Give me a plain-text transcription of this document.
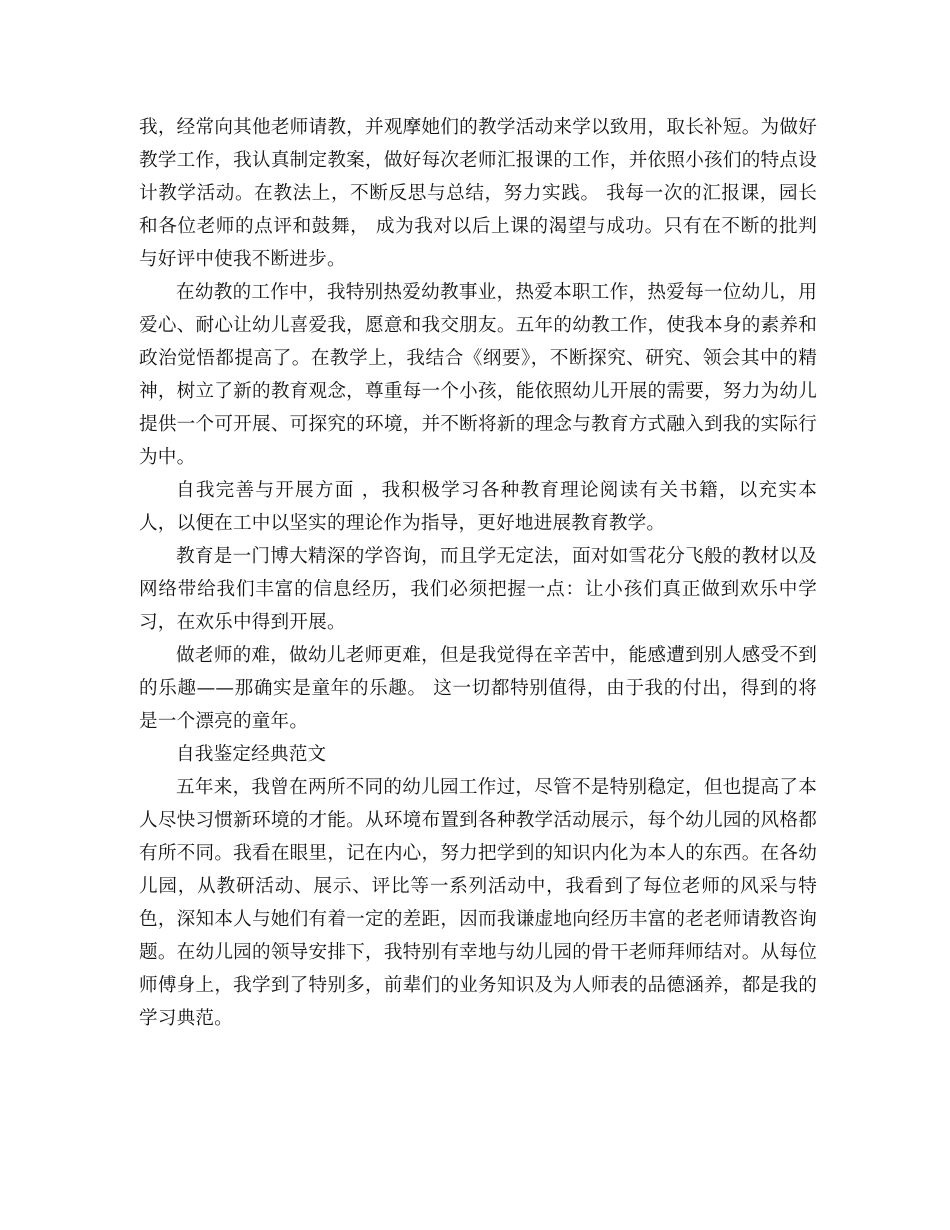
我，经常向其他老师请教，并观摩她们的教学活动来学以致用，取长补短。为做好教学工作，我认真制定教案，做好每次老师汇报课的工作，并依照小孩们的特点设计教学活动。在教法上，不断反思与总结，努力实践。 我每一次的汇报课，园长和各位老师的点评和鼓舞， 成为我对以后上课的渴望与成功。只有在不断的批判与好评中使我不断进步。

在幼教的工作中，我特别热爱幼教事业，热爱本职工作，热爱每一位幼儿，用爱心、耐心让幼儿喜爱我，愿意和我交朋友。五年的幼教工作，使我本身的素养和政治觉悟都提高了。在教学上，我结合《纲要》，不断探究、研究、领会其中的精神，树立了新的教育观念，尊重每一个小孩，能依照幼儿开展的需要，努力为幼儿提供一个可开展、可探究的环境，并不断将新的理念与教育方式融入到我的实际行为中。

自我完善与开展方面 ，我积极学习各种教育理论阅读有关书籍，以充实本人，以便在工中以坚实的理论作为指导，更好地进展教育教学。

教育是一门博大精深的学咨询，而且学无定法，面对如雪花分飞般的教材以及网络带给我们丰富的信息经历，我们必须把握一点：让小孩们真正做到欢乐中学习，在欢乐中得到开展。

做老师的难，做幼儿老师更难，但是我觉得在辛苦中，能感遭到别人感受不到的乐趣——那确实是童年的乐趣。 这一切都特别值得，由于我的付出，得到的将是一个漂亮的童年。

自我鉴定经典范文

五年来，我曾在两所不同的幼儿园工作过，尽管不是特别稳定，但也提高了本人尽快习惯新环境的才能。从环境布置到各种教学活动展示，每个幼儿园的风格都有所不同。我看在眼里，记在内心，努力把学到的知识内化为本人的东西。在各幼儿园，从教研活动、展示、评比等一系列活动中，我看到了每位老师的风采与特色，深知本人与她们有着一定的差距，因而我谦虚地向经历丰富的老老师请教咨询题。在幼儿园的领导安排下，我特别有幸地与幼儿园的骨干老师拜师结对。从每位师傅身上，我学到了特别多，前辈们的业务知识及为人师表的品德涵养，都是我的学习典范。
